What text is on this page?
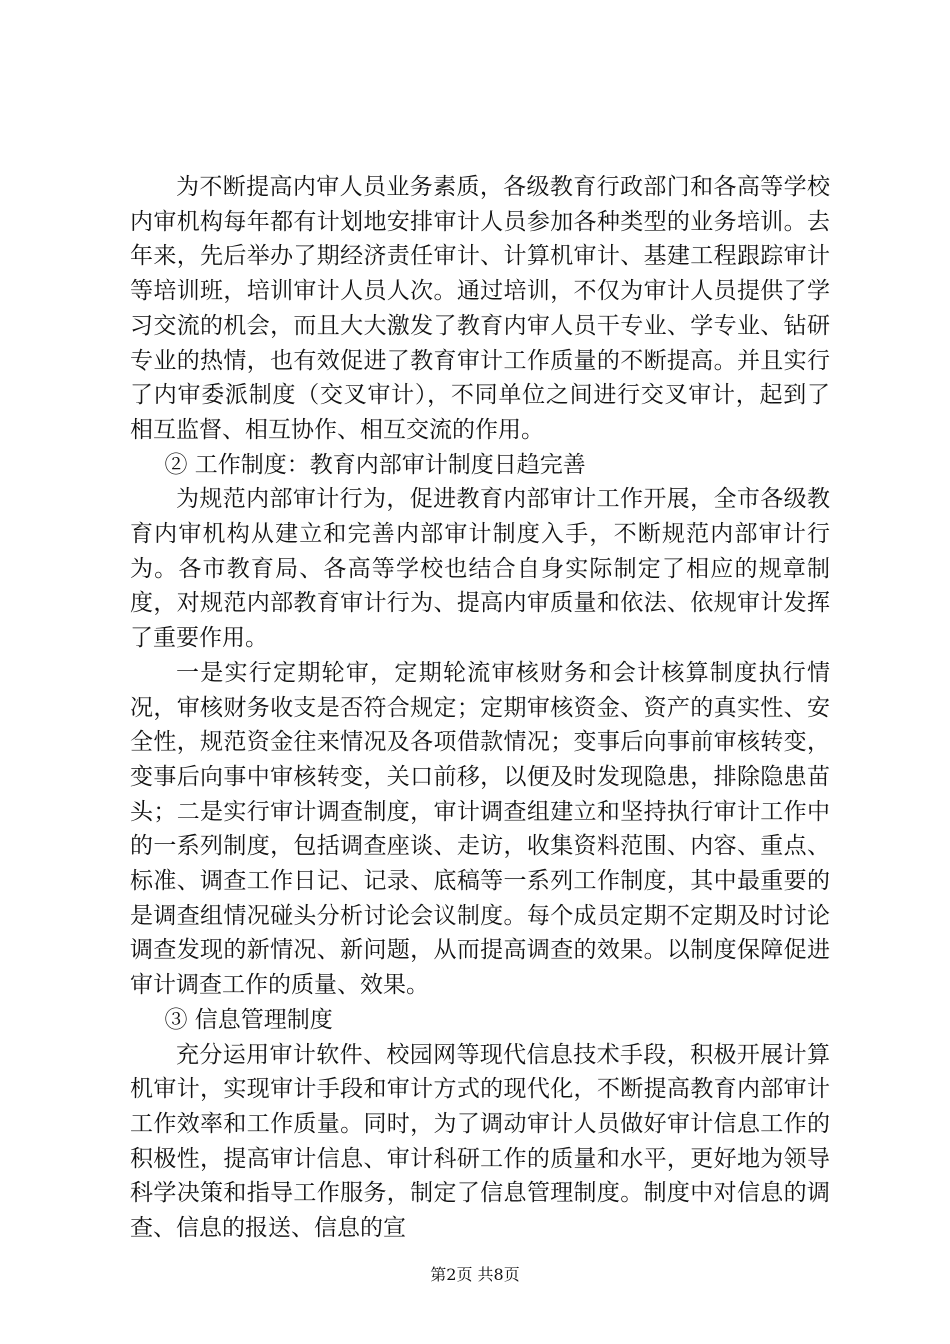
为不断提高内审人员业务素质，各级教育行政部门和各高等学校内审机构每年都有计划地安排审计人员参加各种类型的业务培训。去年来，先后举办了期经济责任审计、计算机审计、基建工程跟踪审计等培训班，培训审计人员人次。通过培训，不仅为审计人员提供了学习交流的机会，而且大大激发了教育内审人员干专业、学专业、钻研专业的热情，也有效促进了教育审计工作质量的不断提高。并且实行了内审委派制度（交叉审计），不同单位之间进行交叉审计，起到了相互监督、相互协作、相互交流的作用。

② 工作制度：教育内部审计制度日趋完善

为规范内部审计行为，促进教育内部审计工作开展，全市各级教育内审机构从建立和完善内部审计制度入手，不断规范内部审计行为。各市教育局、各高等学校也结合自身实际制定了相应的规章制度，对规范内部教育审计行为、提高内审质量和依法、依规审计发挥了重要作用。

一是实行定期轮审，定期轮流审核财务和会计核算制度执行情况，审核财务收支是否符合规定；定期审核资金、资产的真实性、安全性，规范资金往来情况及各项借款情况；变事后向事前审核转变，变事后向事中审核转变，关口前移，以便及时发现隐患，排除隐患苗头；二是实行审计调查制度，审计调查组建立和坚持执行审计工作中的一系列制度，包括调查座谈、走访，收集资料范围、内容、重点、标准、调查工作日记、记录、底稿等一系列工作制度，其中最重要的是调查组情况碰头分析讨论会议制度。每个成员定期不定期及时讨论调查发现的新情况、新问题，从而提高调查的效果。以制度保障促进审计调查工作的质量、效果。

③ 信息管理制度

充分运用审计软件、校园网等现代信息技术手段，积极开展计算机审计，实现审计手段和审计方式的现代化，不断提高教育内部审计工作效率和工作质量。同时，为了调动审计人员做好审计信息工作的积极性，提高审计信息、审计科研工作的质量和水平，更好地为领导科学决策和指导工作服务，制定了信息管理制度。制度中对信息的调查、信息的报送、信息的宣

第2页 共8页
